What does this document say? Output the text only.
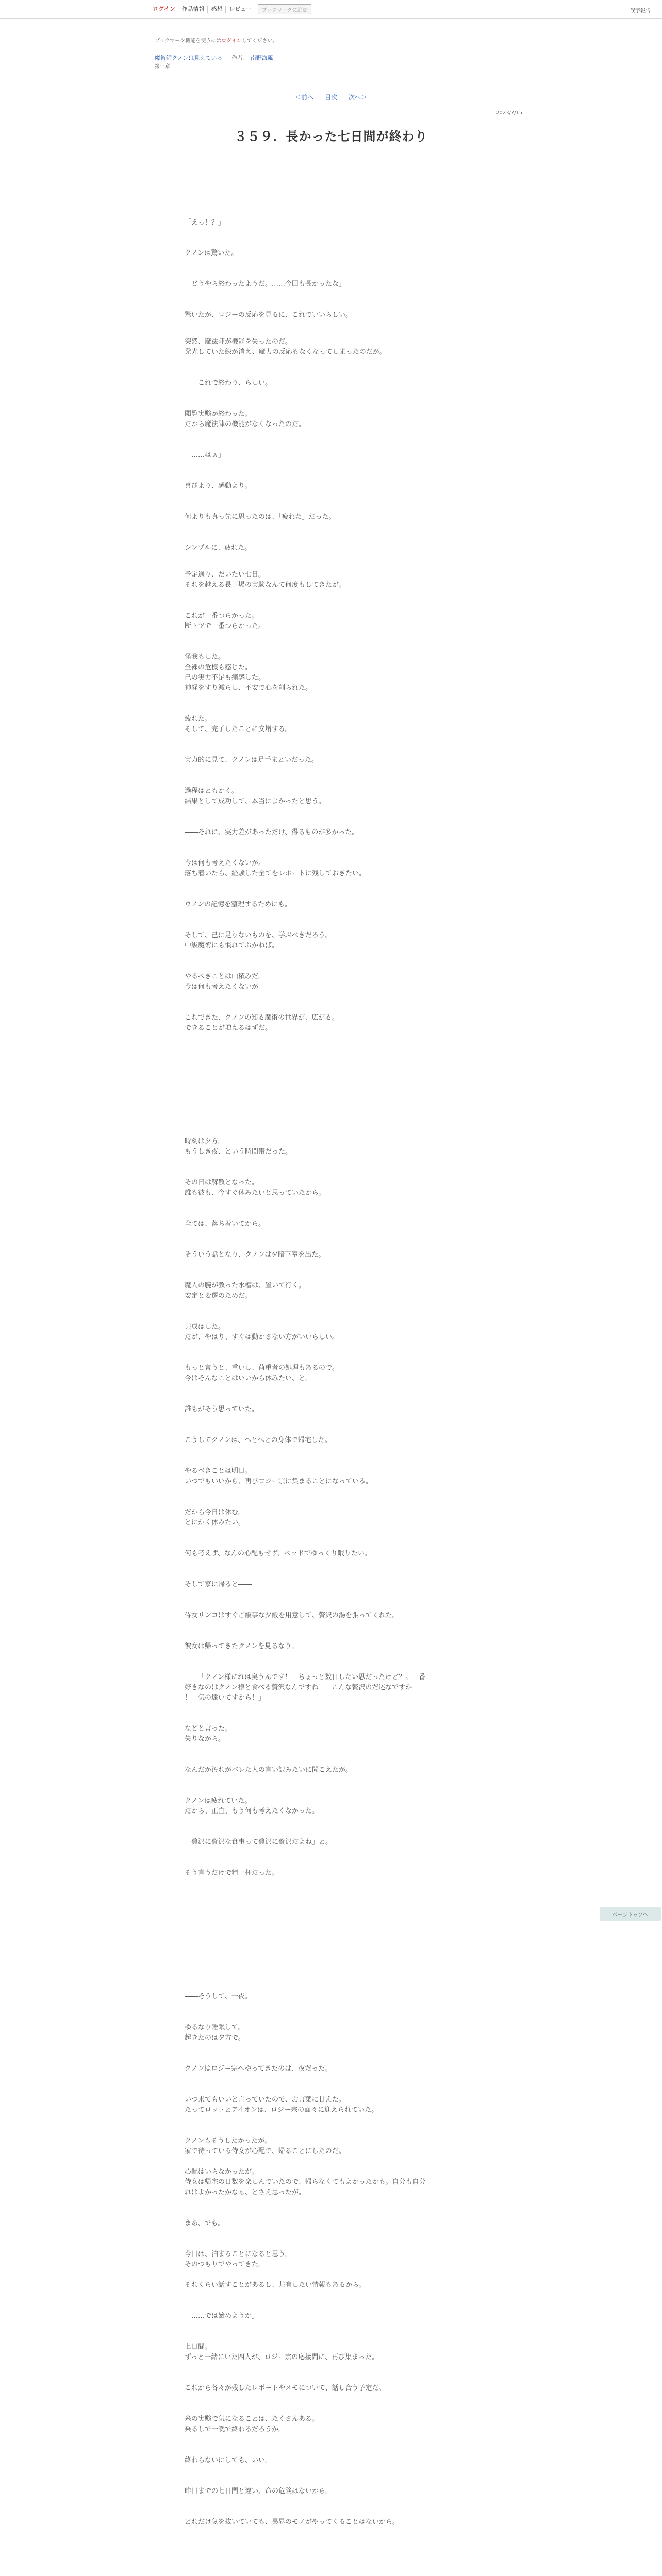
ログイン	作品情報	感想	レビュー	ブックマークに追加	誤字報告
ブックマーク機能を使うにはログインしてください。
魔術師クノンは見えている 作者： 南野海風
第ー章
＜前へ 目次 次へ＞
2023/7/15
３５９．長かった七日間が終わり
「えっ！？」
クノンは驚いた。
「どうやら終わったようだ。……今回も長かったな」
驚いたが、ロジーの反応を見るに、これでいいらしい。
突然、魔法陣が機能を失ったのだ。
発光していた線が消え、魔力の反応もなくなってしまったのだが。
――これで終わり、らしい。
閲覧実験が終わった。
だから魔法陣の機能がなくなったのだ。
「……はぁ」
喜びより、感動より。
何よりも真っ先に思ったのは、「疲れた」だった。
シンプルに、疲れた。
予定通り、だいたい七日。
それを越える長丁場の実験なんて何度もしてきたが。
これが一番つらかった。
断トツで一番つらかった。
怪我もした。
全裸の危機も感じた。
己の実力不足も痛感した。
神経をすり減らし、不安で心を削られた。
疲れた。
そして、完了したことに安堵する。
実力的に見て、クノンは足手まといだった。
過程はともかく。
結果として成功して、本当によかったと思う。
――それに、実力差があっただけ、得るものが多かった。
今は何も考えたくないが。
落ち着いたら、経験した全てをレポートに残しておきたい。
ウノンの記憶を整理するためにも。
そして、己に足りないものを、学ぶべきだろう。
中級魔術にも慣れておかねば。
やるべきことは山積みだ。
今は何も考えたくないが――
これできた、クノンの知る魔術の世界が、広がる。
できることが増えるはずだ。
時刻は夕方。
もうしき夜、という時間帯だった。
その日は解散となった。
誰も彼も、今すぐ休みたいと思っていたから。
全ては、落ち着いてから。
そういう話となり、クノンは夕暗下室を出た。
魔人の腕が教った水槽は、置いて行く。
安定と変遷のためだ。
共成はした。
だが、やはり、すぐは動かさない方がいいらしい。
もっと言うと、重いし、荷重者の処理もあるので。
今はそんなことはいいから休みたい、と。
誰もがそう思っていた。
こうしてクノンは、へとへとの身体で帰宅した。
やるべきことは明日。
いつでもいいから、再びロジー宗に集まることになっている。
だから今日は休む。
とにかく休みたい。
何も考えず、なんの心配もせず、ベッドでゆっくり眠りたい。
そして家に帰ると――
侍女リンコはすぐご飯事な夕飯を用意して、贅沢の湯を張ってくれた。
彼女は帰ってきたクノンを見るなり。
――「クノン様にれは臭うんです！　ちょっと数日したい思だったけど？。一番
好きなのはクノン様と食べる贅沢なんですね！　こんな贅沢のだ述なですか
！　気の遠いてすから！」
などと言った。
失りながら。
なんだか汚れがバレた人の言い訳みたいに聞こえたが。
クノンは疲れていた。
だから、正直、もう何も考えたくなかった。
「贅沢に贅沢な食事って贅沢に贅沢だよね」と。
そう言うだけで精一杯だった。
――そうして、一夜。
ゆるなり睡眠して。
起きたのは夕方で。
クノンはロジー宗へやってきたのは、夜だった。
いつ来てもいいと言っていたので、お言葉に甘えた。
たってロットとアイオンは、ロジー宗の面々に迎えられていた。
クノンもそうしたかったが。
家で待っている侍女が心配で、帰ることにしたのだ。
心配はいらなかったが。
侍女は帰宅の日数を楽しんでいたので、帰らなくてもよかったかも。自分も自分
れはよかったかなぁ、とさえ思ったが。
まあ、でも。
今日は、泊まることになると思う。
そのつもりでやってきた。
それくらい話すことがあるし、共有したい情報もあるから。
「……では始めようか」
七日間。
ずっと一緒にいた四人が、ロジー宗の応接間に、再び集まった。
これから各々が残したレポートやメモについて、話し合う予定だ。
糸の実験で気になることは、たくさんある。
乗るしで一晩で終わるだろうか。
終わらないにしても、いい。
昨日までの七日間と違い、命の危険はないから。
どれだけ気を抜いていても、異界のモノがやってくることはないから。
ページトップへ
